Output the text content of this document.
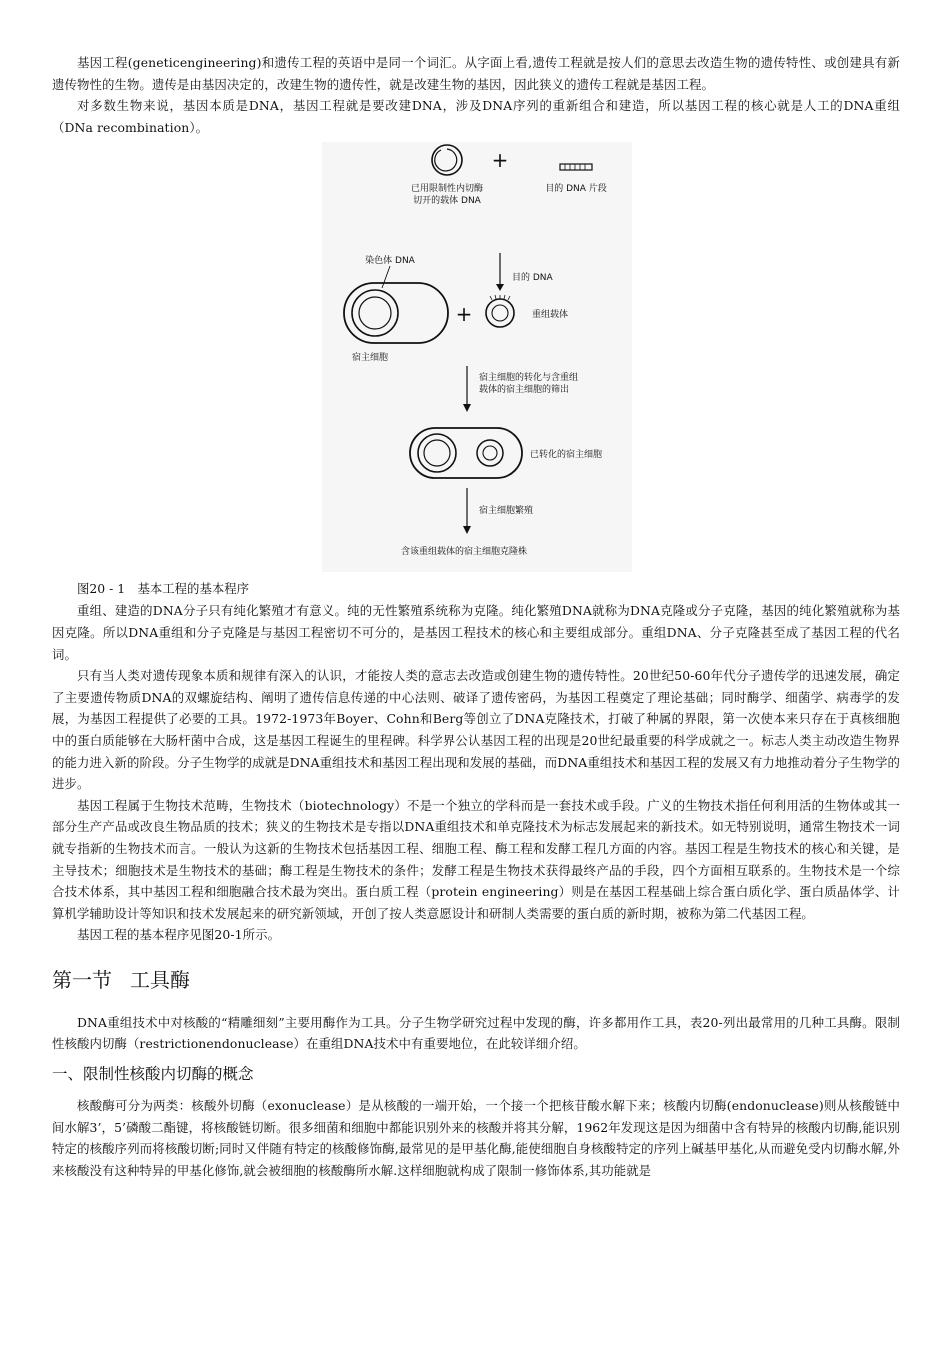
基因工程(geneticengineering)和遗传工程的英语中是同一个词汇。从字面上看,遗传工程就是按人们的意思去改造生物的遗传特性、或创建具有新遗传物性的生物。遗传是由基因决定的，改建生物的遗传性，就是改建生物的基因，因此狭义的遗传工程就是基因工程。

对多数生物来说，基因本质是DNA，基因工程就是要改建DNA，涉及DNA序列的重新组合和建造，所以基因工程的核心就是人工的DNA重组（DNa recombination）。

+
已用限制性内切酶
切开的载体 DNA
目的 DNA 片段
染色体 DNA
宿主细胞
+
目的 DNA
重组载体
宿主细胞的转化与含重组
载体的宿主细胞的筛出
已转化的宿主细胞
宿主细胞繁殖
含该重组载体的宿主细胞克隆株

图20 - 1　基本工程的基本程序

重组、建造的DNA分子只有纯化繁殖才有意义。纯的无性繁殖系统称为克隆。纯化繁殖DNA就称为DNA克隆或分子克隆，基因的纯化繁殖就称为基因克隆。所以DNA重组和分子克隆是与基因工程密切不可分的，是基因工程技术的核心和主要组成部分。重组DNA、分子克隆甚至成了基因工程的代名词。

只有当人类对遗传现象本质和规律有深入的认识，才能按人类的意志去改造或创建生物的遗传特性。20世纪50-60年代分子遗传学的迅速发展，确定了主要遗传物质DNA的双螺旋结构、阐明了遗传信息传递的中心法则、破译了遗传密码，为基因工程奠定了理论基础；同时酶学、细菌学、病毒学的发展，为基因工程提供了必要的工具。1972-1973年Boyer、Cohn和Berg等创立了DNA克隆技术，打破了种属的界限，第一次使本来只存在于真核细胞中的蛋白质能够在大肠杆菌中合成，这是基因工程诞生的里程碑。科学界公认基因工程的出现是20世纪最重要的科学成就之一。标志人类主动改造生物界的能力进入新的阶段。分子生物学的成就是DNA重组技术和基因工程出现和发展的基础，而DNA重组技术和基因工程的发展又有力地推动着分子生物学的进步。

基因工程属于生物技术范畴，生物技术（biotechnology）不是一个独立的学科而是一套技术或手段。广义的生物技术指任何利用活的生物体或其一部分生产产品或改良生物品质的技术；狭义的生物技术是专指以DNA重组技术和单克隆技术为标志发展起来的新技术。如无特别说明，通常生物技术一词就专指新的生物技术而言。一般认为这新的生物技术包括基因工程、细胞工程、酶工程和发酵工程几方面的内容。基因工程是生物技术的核心和关键，是主导技术；细胞技术是生物技术的基础；酶工程是生物技术的条件；发酵工程是生物技术获得最终产品的手段，四个方面相互联系的。生物技术是一个综合技术体系，其中基因工程和细胞融合技术最为突出。蛋白质工程（protein engineering）则是在基因工程基础上综合蛋白质化学、蛋白质晶体学、计算机学辅助设计等知识和技术发展起来的研究新领域，开创了按人类意愿设计和研制人类需要的蛋白质的新时期，被称为第二代基因工程。

基因工程的基本程序见图20-1所示。

第一节 工具酶

DNA重组技术中对核酸的“精雕细刻”主要用酶作为工具。分子生物学研究过程中发现的酶，许多都用作工具，表20-列出最常用的几种工具酶。限制性核酸内切酶（restrictionendonuclease）在重组DNA技术中有重要地位，在此较详细介绍。

一、限制性核酸内切酶的概念

核酸酶可分为两类：核酸外切酶（exonuclease）是从核酸的一端开始，一个接一个把核苷酸水解下来；核酸内切酶(endonuclease)则从核酸链中间水解3’，5’磷酸二酯键，将核酸链切断。很多细菌和细胞中都能识别外来的核酸并将其分解，1962年发现这是因为细菌中含有特异的核酸内切酶,能识别特定的核酸序列而将核酸切断;同时又伴随有特定的核酸修饰酶,最常见的是甲基化酶,能使细胞自身核酸特定的序列上碱基甲基化,从而避免受内切酶水解,外来核酸没有这种特异的甲基化修饰,就会被细胞的核酸酶所水解.这样细胞就构成了限制一修饰体系,其功能就是
